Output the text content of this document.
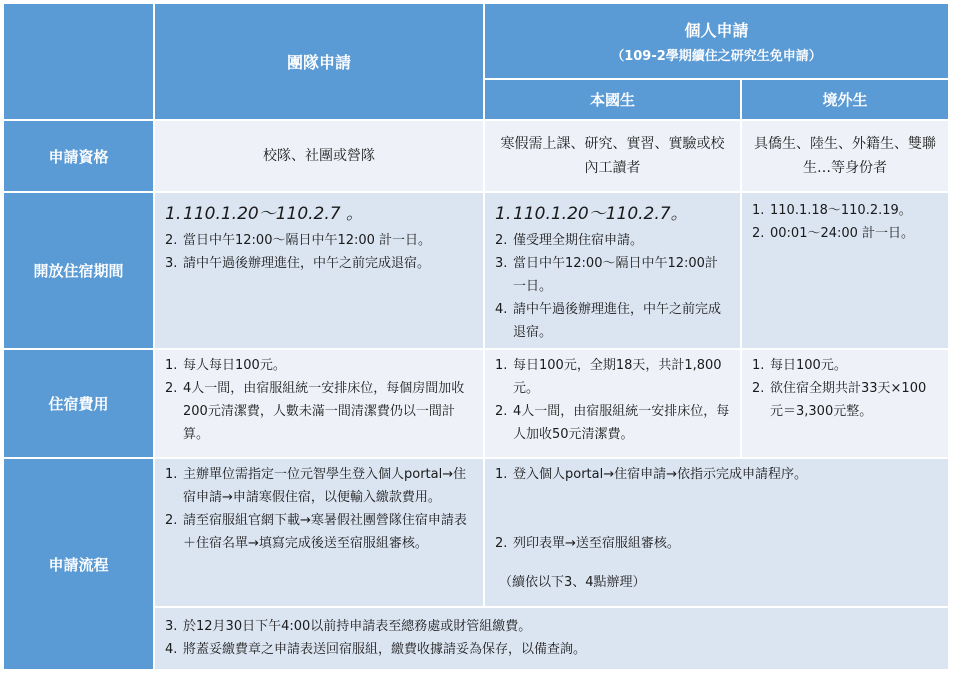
團隊申請
個人申請
（109-2學期續住之研究生免申請）
本國生	境外生
申請資格	校隊、社團或營隊
寒假需上課、研究、實習、實驗或校內工讀者
具僑生、陸生、外籍生、雙聯生…等身份者
開放住宿期間
1. 110.1.20～110.2.7 。
2. 當日中午12:00～隔日中午12:00 計一日。
3. 請中午過後辦理進住，中午之前完成退宿。
1. 110.1.20～110.2.7。
2. 僅受理全期住宿申請。
3. 當日中午12:00～隔日中午12:00計一日。
4. 請中午過後辦理進住，中午之前完成退宿。
1. 110.1.18～110.2.19。
2. 00:01～24:00 計一日。
住宿費用
1. 每人每日100元。
2. 4人一間，由宿服組統一安排床位，每個房間加收200元清潔費，人數未滿一間清潔費仍以一間計算。
1. 每日100元，全期18天，共計1,800元。
2. 4人一間，由宿服組統一安排床位，每人加收50元清潔費。
1. 每日100元。
2. 欲住宿全期共計33天×100元＝3,300元整。
申請流程
1. 主辦單位需指定一位元智學生登入個人portal→住宿申請→申請寒假住宿，以便輸入繳款費用。
2. 請至宿服組官網下載→寒暑假社團營隊住宿申請表＋住宿名單→填寫完成後送至宿服組審核。
1. 登入個人portal→住宿申請→依指示完成申請程序。
2. 列印表單→送至宿服組審核。
（續依以下3、4點辦理）
3. 於12月30日下午4:00以前持申請表至總務處或財管組繳費。
4. 將蓋妥繳費章之申請表送回宿服組，繳費收據請妥為保存，以備查詢。
